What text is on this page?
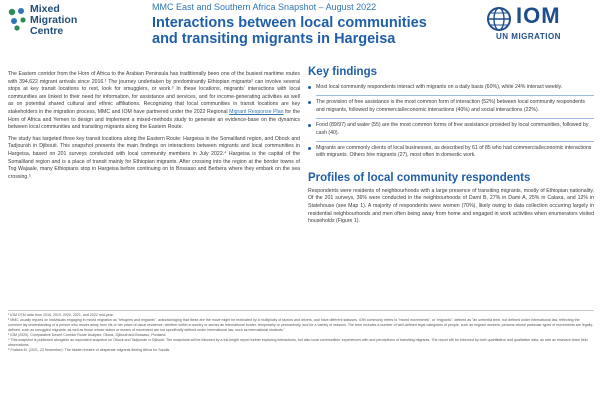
Mixed
Migration
Centre
MMC East and Southern Africa Snapshot – August 2022
Interactions between local communities
and transiting migrants in Hargeisa
IOM
UN MIGRATION

The Eastern corridor from the Horn of Africa to the Arabian Peninsula has traditionally been one of the busiest maritime routes with 394,622 migrant arrivals since 2016.¹ The journey undertaken by predominantly Ethiopian migrants² can involve several stops at key transit locations to rest, look for smugglers, or work.³ In these locations, migrants' interactions with local communities are linked to their need for information, for assistance and services, and for income-generating activities as well as on potential shared cultural and ethnic affiliations. Recognizing that local communities in transit locations are key stakeholders in the migration process, MMC and IOM have partnered under the 2022 Regional Migrant Response Plan for the Horn of Africa and Yemen to design and implement a mixed-methods study to generate an evidence-base on the dynamics between local communities and transiting migrants along the Eastern Route.

The study has targeted three key transit locations along the Eastern Route: Hargeisa in the Somaliland region, and Obock and Tadjourah in Djibouti. This snapshot presents the main findings on interactions between migrants and local communities in Hargeisa, based on 201 surveys conducted with local community members in July 2022.⁴ Hargeisa is the capital of the Somaliland region and is a place of transit mainly for Ethiopian migrants. After crossing into the region at the border towns of Tog Wajaale, many Ethiopians stop in Hargeisa before continuing on to Bossaso and Berbera where they embark on the sea crossing.⁵

Key findings
Most local community respondents interact with migrants on a daily basis (60%), while 24% interact weekly.
The provision of free assistance is the most common form of interaction (52%) between local community respondents and migrants, followed by commercial/economic interactions (40%) and social interactions (22%).
Food (89/97) and water (55) are the most common forms of free assistance provided by local communities, followed by cash (40).
Migrants are commonly clients of local businesses, as described by 61 of 85 who had commercial/economic interactions with migrants. Others hire migrants (27), most often in domestic work.
Profiles of local community respondents
Respondents were residents of neighbourhoods with a large presence of transiting migrants, mostly of Ethiopian nationality. Of the 201 surveys, 36% were conducted in the neighbourhoods of Dami B, 27% in Dami A, 25% in Calaxa, and 12% in Statehouse (see Map 1). A majority of respondents were women (70%), likely owing to data collection occurring largely in residential neighbourhoods and men often being away from home and engaged in work activities when enumerators visited households (Figure 1).
¹ IOM DTM data from 2016, 2019, 2020, 2021, and 2022 mid-year.
² MMC usually reports on individuals engaging in mixed migration as "refugees and migrants", acknowledging that these are the move might be motivated by a multiplicity of factors and drivers, and have different statuses. IOM commonly refers to "mixed movements", or "migrants", defined as "an umbrella term, not defined under international law, reflecting the common lay understanding of a person who moves away from his or her place of usual residence, whether within a country or across an international border, temporarily or permanently, and for a variety of reasons. The term includes a number of well-defined legal categories of people, such as migrant workers; persons whose particular types of movements are legally-defined, such as smuggled migrants; as well as those whose status or means of movement are not specifically defined under international law, such as international students."
³ IOM (2020). Comparative Desert Corridor Route Analysis: Obock, Djibouti and Bossaso, Puntland.
⁴ This snapshot is published alongside an equivalent snapshot on Obock and Tadjourah in Djibouti. The snapshots will be followed by a full-length report further exploring interactions, but also local communities' experiences with and perceptions of transiting migrants. The report will be informed by both quantitative and qualitative data, as well as research team field observations.
⁵ Fratsea M. (2021, 23 November). The hidden theatre of desperate migrants fleeing Africa for Saudis.
